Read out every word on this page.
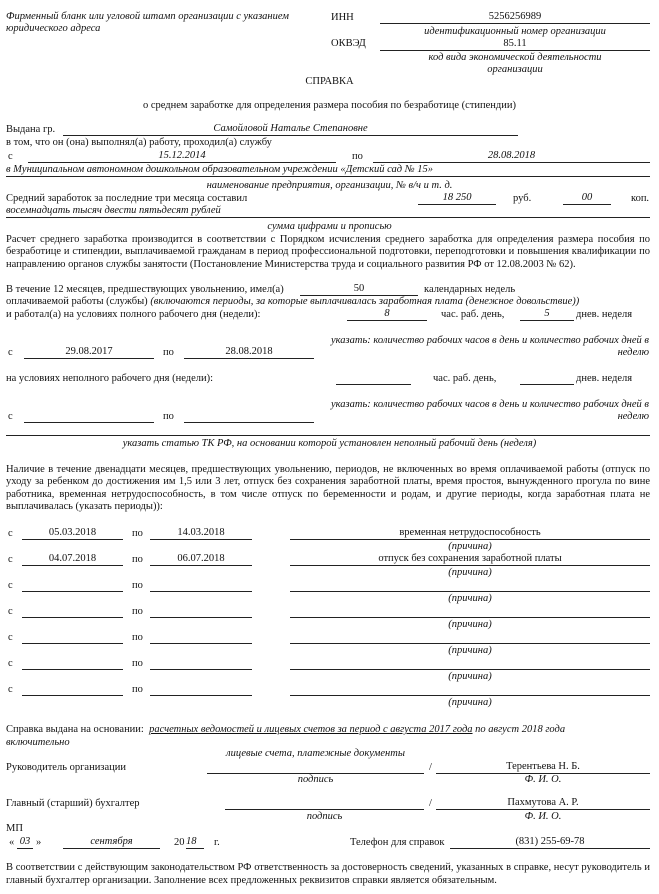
Фирменный бланк или угловой штамп организации с указанием юридического адреса
ИНН	5256256989
идентификационный номер организации
ОКВЭД	85.11
код вида экономической деятельности
организации
СПРАВКА
о среднем заработке для определения размера пособия по безработице (стипендии)
Выдана гр.	Самойловой Наталье Степановне
в том, что он (она) выполнял(а) работу, проходил(а) службу
с	15.12.2014	по	28.08.2018
в Муниципальном автономном дошкольном образовательном учреждении «Детский сад № 15»
наименование предприятия, организации, № в/ч и т. д.
Средний заработок за последние три месяца составил	18 250	руб.	00	коп.
восемнадцать тысяч двести пятьдесят рублей
сумма цифрами и прописью
Расчет среднего заработка производится в соответствии с Порядком исчисления среднего заработка для определения размера пособия по безработице и стипендии, выплачиваемой гражданам в период профессиональной подготовки, переподготовки и повышения квалификации по направлению органов службы занятости (Постановление Министерства труда и социального развития РФ от 12.08.2003 № 62).
В течение 12 месяцев, предшествующих увольнению, имел(а)	50	календарных недель
оплачиваемой работы (службы) (включаются периоды, за которые выплачивалась заработная плата (денежное довольствие))
и работал(а) на условиях полного рабочего дня (недели):	8	час. раб. день,	5	днев. неделя
указать: количество рабочих часов в день и количество рабочих дней в
неделю
с	29.08.2017	по	28.08.2018
на условиях неполного рабочего дня (недели):	час. раб. день,	днев. неделя
указать: количество рабочих часов в день и количество рабочих дней в
неделю
с	по
указать статью ТК РФ, на основании которой установлен неполный рабочий день (неделя)
Наличие в течение двенадцати месяцев, предшествующих увольнению, периодов, не включенных во время оплачиваемой работы (отпуск по уходу за ребенком до достижения им 1,5 или 3 лет, отпуск без сохранения заработной платы, время простоя, вынужденного прогула по вине работника, временная нетрудоспособность, в том числе отпуск по беременности и родам, и другие периоды, когда заработная плата не выплачивалась (указать периоды)):
с	05.03.2018	по	14.03.2018	временная нетрудоспособность
(причина)
с	04.07.2018	по	06.07.2018	отпуск без сохранения заработной платы
(причина)
с	по
(причина)
с	по
(причина)
с	по
(причина)
с	по
(причина)
с	по
(причина)
Справка выдана на основании: расчетных ведомостей и лицевых счетов за период с августа 2017 года по август 2018 года
включительно
лицевые счета, платежные документы
Руководитель организации	/	Терентьева Н. Б.
подпись	Ф. И. О.
Главный (старший) бухгалтер	/	Пахмутова А. Р.
подпись	Ф. И. О.
МП
« 03 »	сентября	20 18	г.	Телефон для справок	(831) 255-69-78
В соответствии с действующим законодательством РФ ответственность за достоверность сведений, указанных в справке, несут руководитель и главный бухгалтер организации. Заполнение всех предложенных реквизитов справки является обязательным.
